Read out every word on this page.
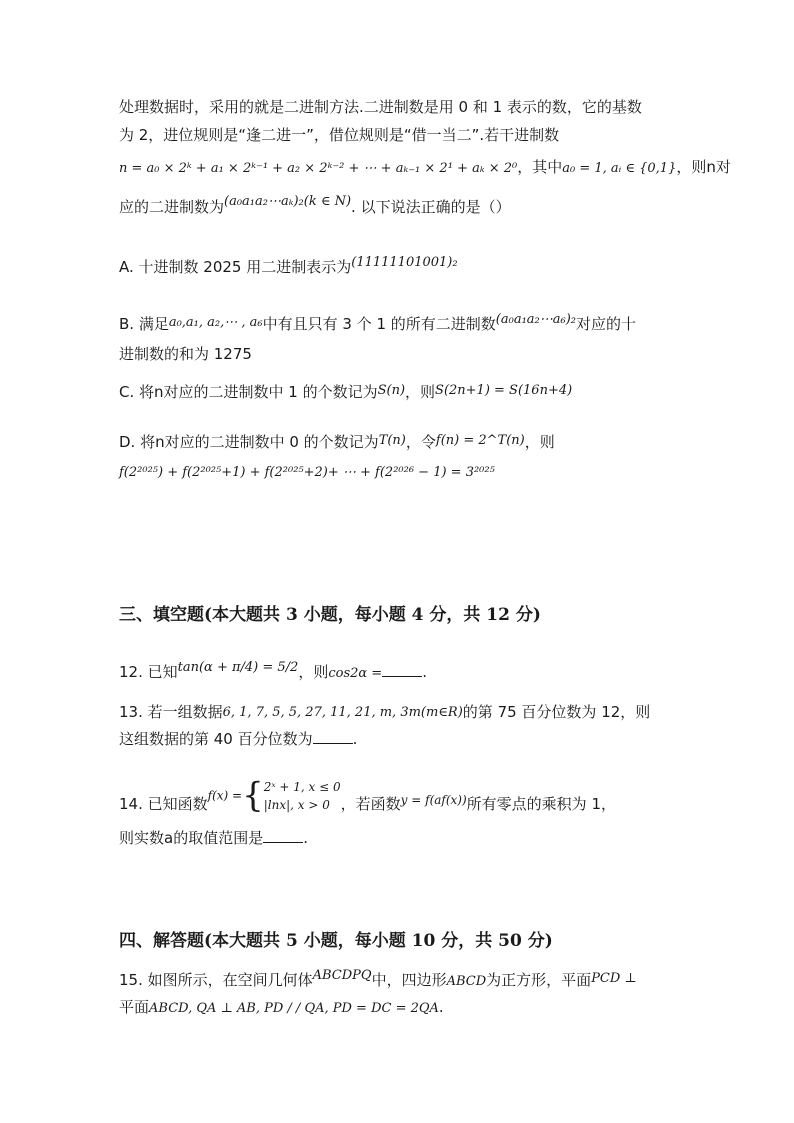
处理数据时，采用的就是二进制方法.二进制数是用 0 和 1 表示的数，它的基数
为 2，进位规则是“逢二进一”，借位规则是“借一当二”.若干进制数
n = a₀ × 2ᵏ + a₁ × 2ᵏ⁻¹ + a₂ × 2ᵏ⁻² + ⋯ + aₖ₋₁ × 2¹ + aₖ × 2⁰，其中a₀ = 1, aᵢ ∈ {0,1}，则n对
应的二进制数为(a₀a₁a₂⋯aₖ)₂(k ∈ N). 以下说法正确的是（）
A. 十进制数 2025 用二进制表示为(11111101001)₂
B. 满足a₀,a₁, a₂,⋯ , a₆中有且只有 3 个 1 的所有二进制数(a₀a₁a₂⋯a₆)₂对应的十
进制数的和为 1275
C. 将n对应的二进制数中 1 的个数记为S(n)，则S(2n+1) = S(16n+4)
D. 将n对应的二进制数中 0 的个数记为T(n)，令f(n) = 2^T(n)，则
f(2²⁰²⁵) + f(2²⁰²⁵+1) + f(2²⁰²⁵+2)+ ⋯ + f(2²⁰²⁶ − 1) = 3²⁰²⁵
三、填空题(本大题共 3 小题，每小题 4 分，共 12 分)
12. 已知tan(α + π/4) = 5/2，则cos2α =	.
13. 若一组数据6, 1, 7, 5, 5, 27, 11, 21, m, 3m(m∈R)的第 75 百分位数为 12，则
这组数据的第 40 百分位数为	.
14. 已知函数f(x) ={ 2ˣ + 1, x ≤ 0
|lnx|, x > 0 ，若函数$_{y = f(af(x))}$所有零点的乘积为 1，
则实数a的取值范围是	.
四、解答题(本大题共 5 小题，每小题 10 分，共 50 分)
15. 如图所示，在空间几何体ABCDPQ中，四边形ABCD为正方形，平面PCD ⊥
平面ABCD, QA ⊥ AB, PD / / QA, PD = DC = 2QA.
